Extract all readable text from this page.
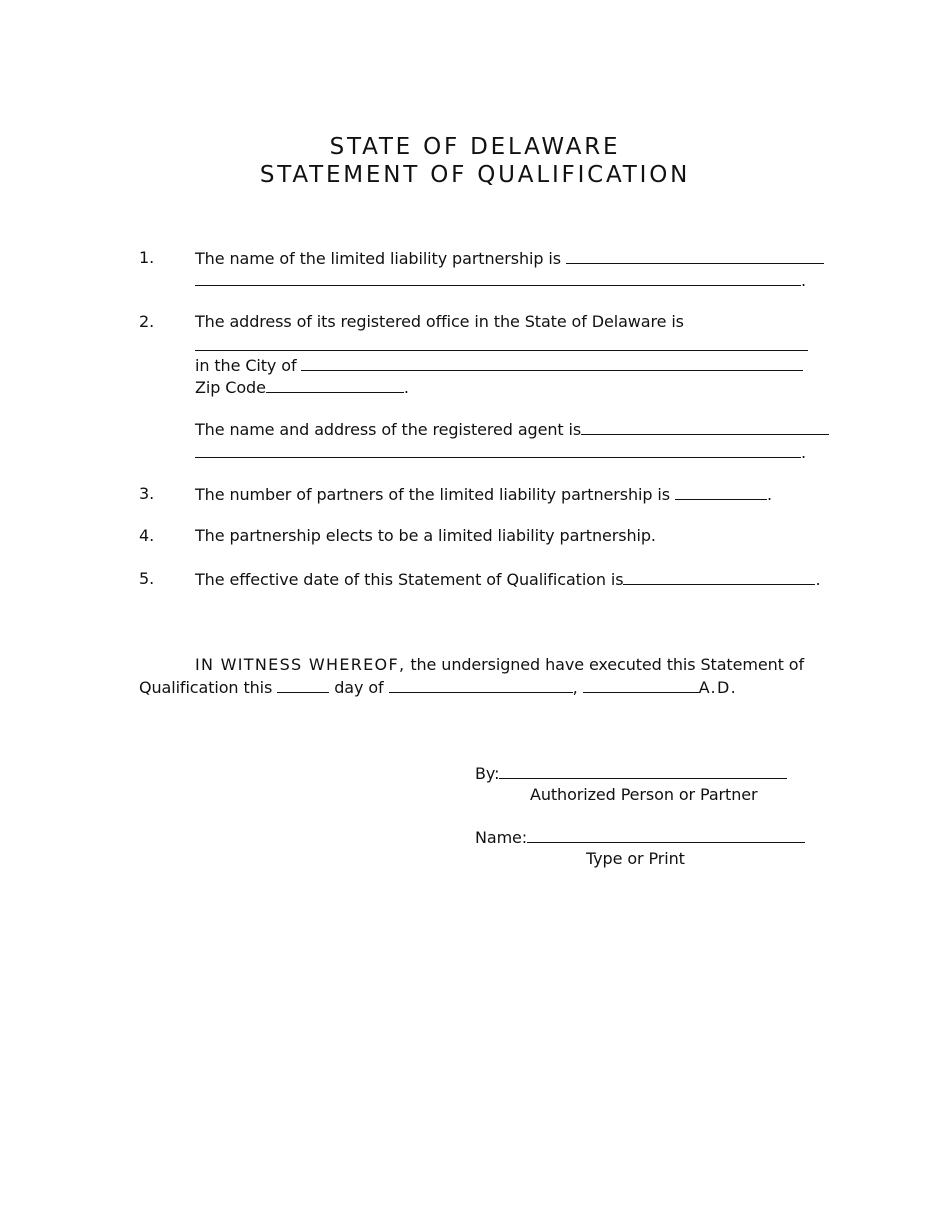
STATE OF DELAWARE
STATEMENT OF QUALIFICATION
1.	The name of the limited liability partnership is
.
2.	The address of its registered office in the State of Delaware is
in the City of
Zip Code	.
The name and address of the registered agent is
.
3.	The number of partners of the limited liability partnership is	.
4.	The partnership elects to be a limited liability partnership.
5.	The effective date of this Statement of Qualification is	.
IN WITNESS WHEREOF, the undersigned have executed this Statement of
Qualification this	day of	,	A.D.
By:
Authorized Person or Partner
Name:
Type or Print
